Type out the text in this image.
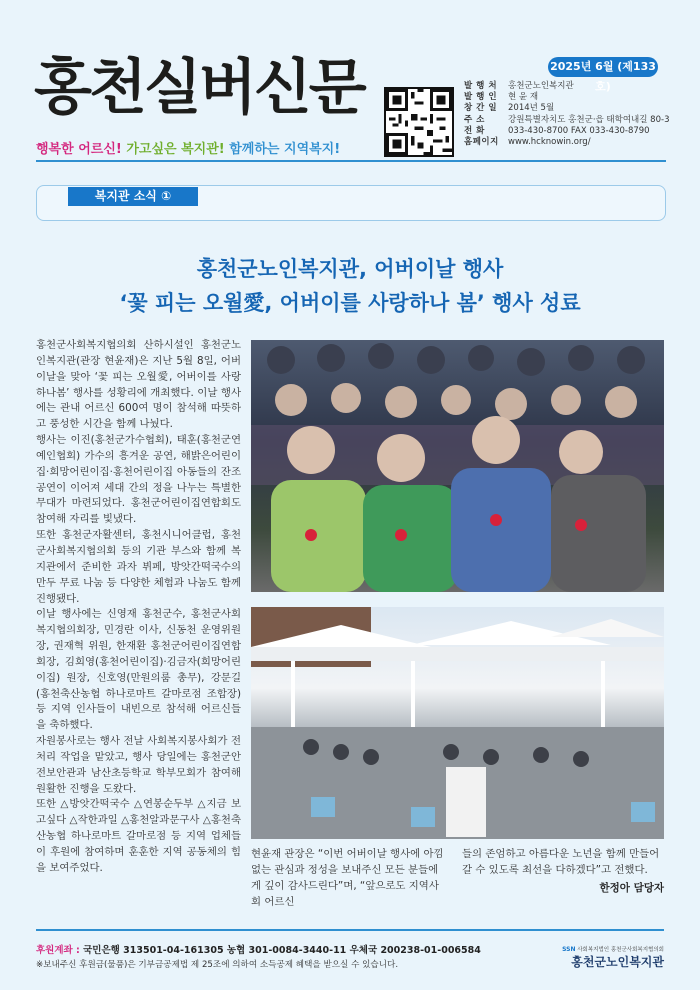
홍천실버신문
행복한 어르신! 가고싶은 복지관! 함께하는 지역복지!
2025년 6월 (제133호)
발 행 처	홍천군노인복지관
발 행 인	현 윤 재
창 간 일	2014년 5월
주 소	강원특별자치도 홍천군·읍 태학여내길 80-3
전 화	033-430-8700 FAX 033-430-8790
홈페이지	www.hcknowin.org/
복지관 소식 ①
홍천군노인복지관, 어버이날 행사
‘꽃 피는 오월愛, 어버이를 사랑하나 봄’ 행사 성료

홍천군사회복지협의회 산하시설인 홍천군노인복지관(관장 현윤재)은 지난 5월 8일, 어버이날을 맞아 ‘꽃 피는 오월愛, 어버이를 사랑하나봄’ 행사를 성황리에 개최했다. 이날 행사에는 관내 어르신 600여 명이 참석해 따뜻하고 풍성한 시간을 함께 나눴다.

행사는 이진(홍천군가수협회), 태훈(홍천군연예인협회) 가수의 흥겨운 공연, 해밝은어린이집·희망어린이집·홍천어린이집 아동들의 잔조공연이 이어져 세대 간의 정을 나누는 특별한 무대가 마련되었다. 홍천군어린이집연합회도 참여해 자리를 빛냈다.

또한 홍천군자활센터, 홍천시니어클럽, 홍천군사회복지협의회 등의 기관 부스와 함께 복지관에서 준비한 과자 뷔페, 방앗간떡국수의 만두 무료 나눔 등 다양한 체험과 나눔도 함께 진행됐다.

이날 행사에는 신영재 홍천군수, 홍천군사회복지협의회장, 민경란 이사, 신동천 운영위원장, 권재혁 위원, 한재환 홍천군어린이집연합회장, 김희영(홍천어린이집)·김금자(희망어린이집) 원장, 신호영(만원의룸 총무), 강문길(홍천축산농협 하나로마트 갈마로점 조합장) 등 지역 인사들이 내빈으로 참석해 어르신들을 축하했다.

자원봉사로는 행사 전날 사회복지봉사회가 전처리 작업을 맡았고, 행사 당일에는 홍천군안전보안관과 남산초등학교 학부모회가 참여해 원활한 진행을 도왔다.

또한 △방앗간떡국수 △연봉순두부 △지금 보고싶다 △작한과일 △홍천알과문구사 △홍천축산농협 하나로마트 갈마로점 등 지역 업체들이 후원에 참여하며 훈훈한 지역 공동체의 힘을 보여주었다.

현윤재 관장은 “이번 어버이날 행사에 아낌없는 관심과 정성을 보내주신 모든 분들에게 깊이 감사드린다”며, “앞으로도 지역사회 어르신
들의 존엄하고 아름다운 노년을 함께 만들어갈 수 있도록 최선을 다하겠다”고 전했다.
한정아 담당자
후원계좌 : 국민은행 313501-04-161305 농협 301-0084-3440-11 우체국 200238-01-006584
※보내주신 후원금(물품)은 기부금공제법 제 25조에 의하여 소득공제 혜택을 받으실 수 있습니다.
SSN 사회복지법인 홍천군사회복지협의회
홍천군노인복지관
